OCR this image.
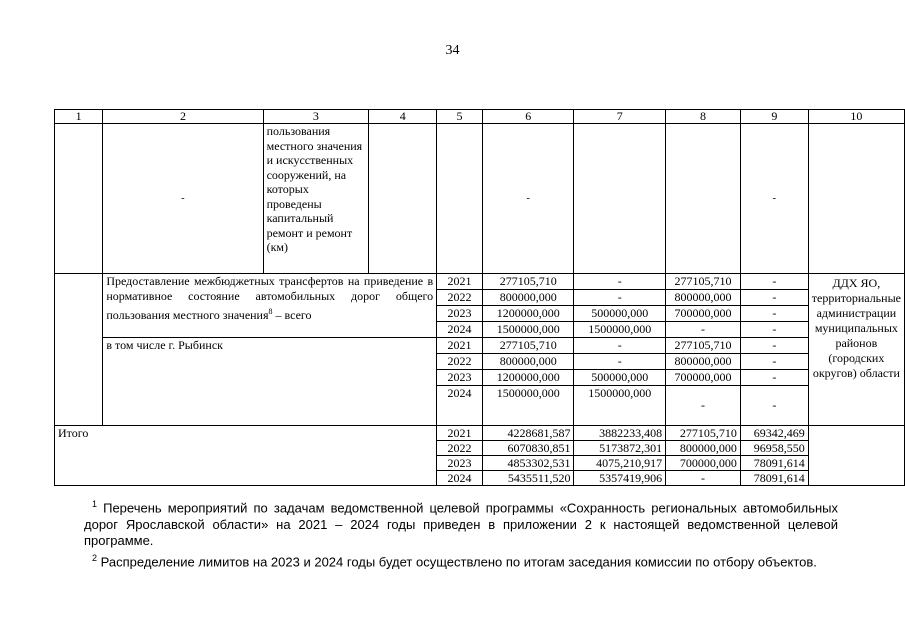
34
1	2	3	4	5	6	7	8	9	10
	-	пользования местного значения и искусственных сооружений, на которых проведены капитальный ремонт и ремонт (км)			-			-	
	Предоставление межбюджетных трансфертов на приведение в нормативное состояние автомобильных дорог общего пользования местного значения$^8$ – всего			2021	277105,710	-	277105,710	-	ДДХ ЯО, территориальные администрации муниципальных районов (городских округов) области
				2022	800000,000	-	800000,000	-	
				2023	1200000,000	500000,000	700000,000	-	
				2024	1500000,000	1500000,000	-	-	
	в том числе г. Рыбинск			2021	277105,710	-	277105,710	-	
				2022	800000,000	-	800000,000	-	
				2023	1200000,000	500000,000	700000,000	-	
				2024	1500000,000	1500000,000	-	-	
Итого				2021	4228681,587	3882233,408	277105,710	69342,469	
				2022	6070830,851	5173872,301	800000,000	96958,550	
				2023	4853302,531	4075,210,917	700000,000	78091,614	
				2024	5435511,520	5357419,906	-	78091,614	

$^1$ Перечень мероприятий по задачам ведомственной целевой программы «Сохранность региональных автомобильных дорог Ярославской области» на 2021 – 2024 годы приведен в приложении 2 к настоящей ведомственной целевой программе.

$^2$ Распределение лимитов на 2023 и 2024 годы будет осуществлено по итогам заседания комиссии по отбору объектов.
